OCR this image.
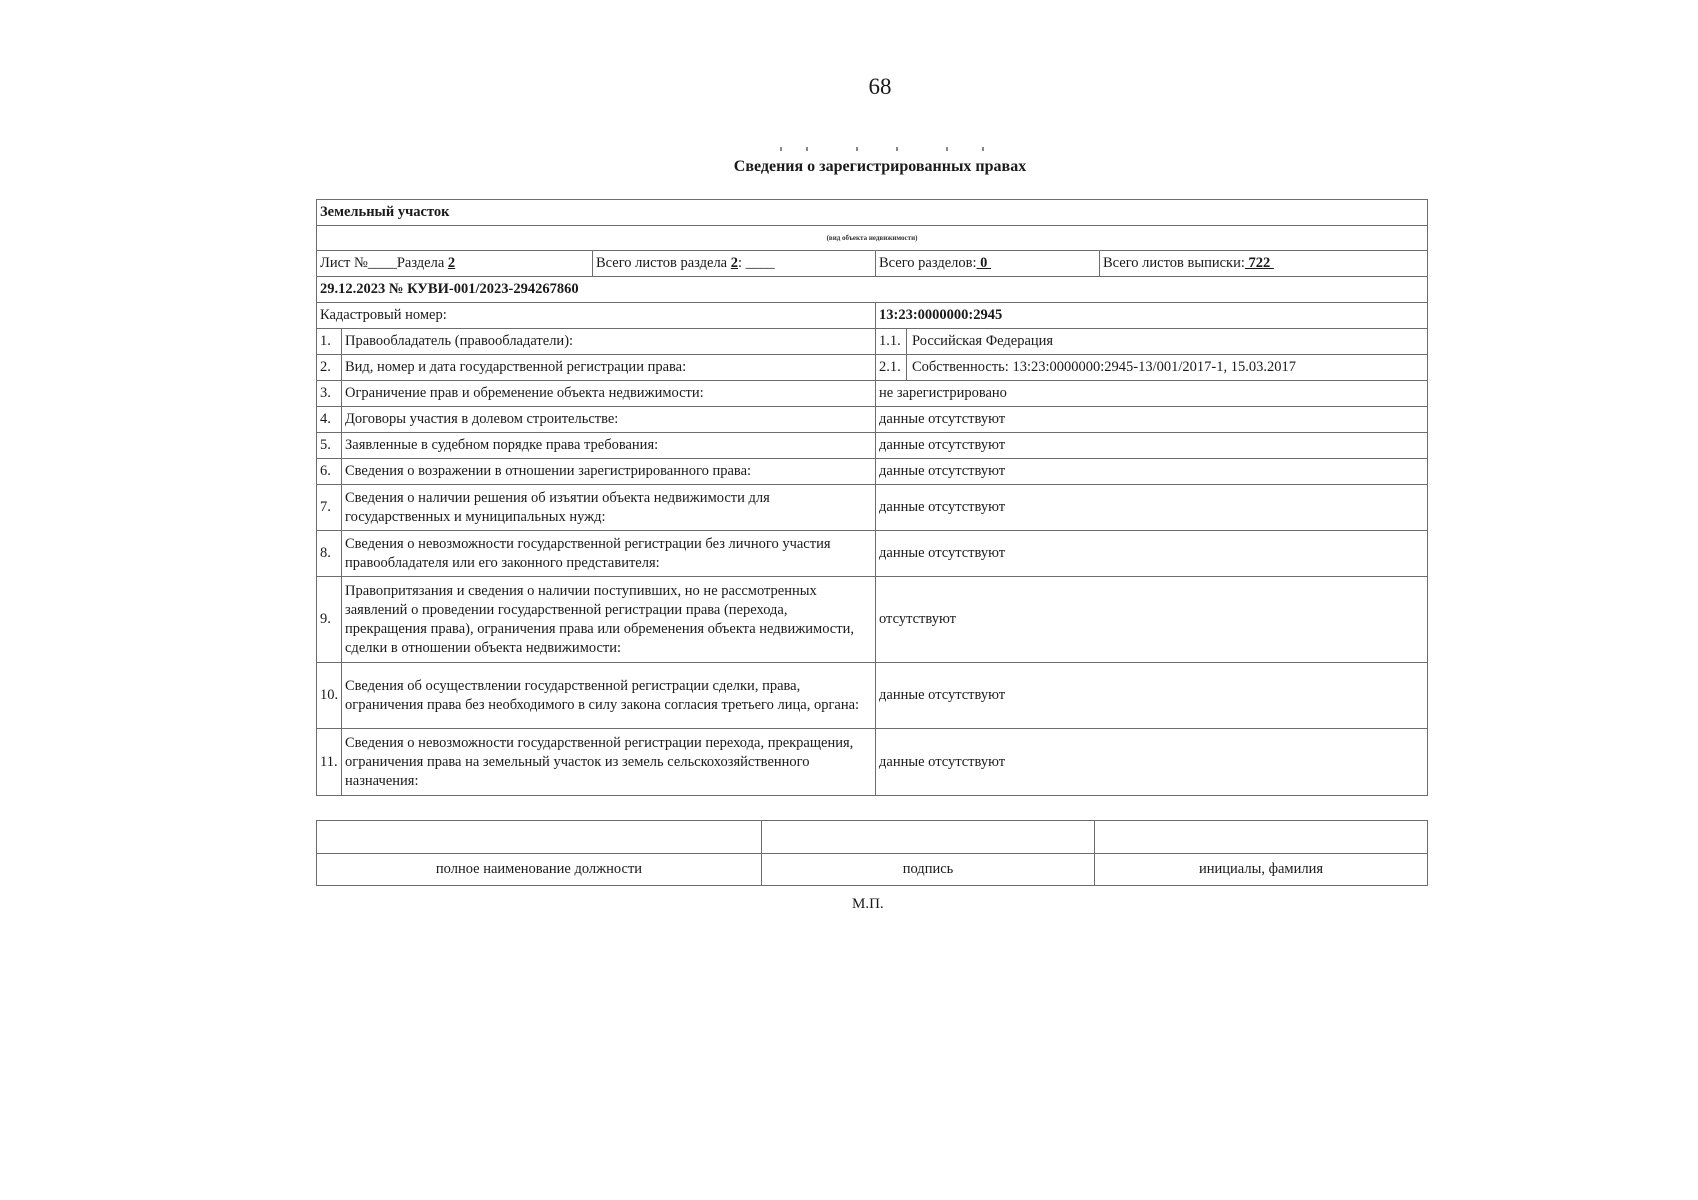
68
Сведения о зарегистрированных правах
Земельный участок				
(вид объекта недвижимости)				
Лист №____Раздела 2		Всего листов раздела 2: ____	Всего разделов: 0	Всего листов выписки: 722
29.12.2023 № КУВИ-001/2023-294267860				
Кадастровый номер:			13:23:0000000:2945	
1.	Правообладатель (правообладатели):		1.1. Российская Федерация	
2.	Вид, номер и дата государственной регистрации права:		2.1. Собственность: 13:23:0000000:2945-13/001/2017-1, 15.03.2017	
3.	Ограничение прав и обременение объекта недвижимости:		не зарегистрировано	
4.	Договоры участия в долевом строительстве:		данные отсутствуют	
5.	Заявленные в судебном порядке права требования:		данные отсутствуют	
6.	Сведения о возражении в отношении зарегистрированного права:		данные отсутствуют	
7.	Сведения о наличии решения об изъятии объекта недвижимости для государственных и муниципальных нужд:		данные отсутствуют	
8.	Сведения о невозможности государственной регистрации без личного участия правообладателя или его законного представителя:		данные отсутствуют	
9.	Правопритязания и сведения о наличии поступивших, но не рассмотренных заявлений о проведении государственной регистрации права (перехода, прекращения права), ограничения права или обременения объекта недвижимости, сделки в отношении объекта недвижимости:		отсутствуют	
10.	Сведения об осуществлении государственной регистрации сделки, права, ограничения права без необходимого в силу закона согласия третьего лица, органа:		данные отсутствуют	
11.	Сведения о невозможности государственной регистрации перехода, прекращения, ограничения права на земельный участок из земель сельскохозяйственного назначения:		данные отсутствуют	

полное наименование должности	подпись	инициалы, фамилия
М.П.
